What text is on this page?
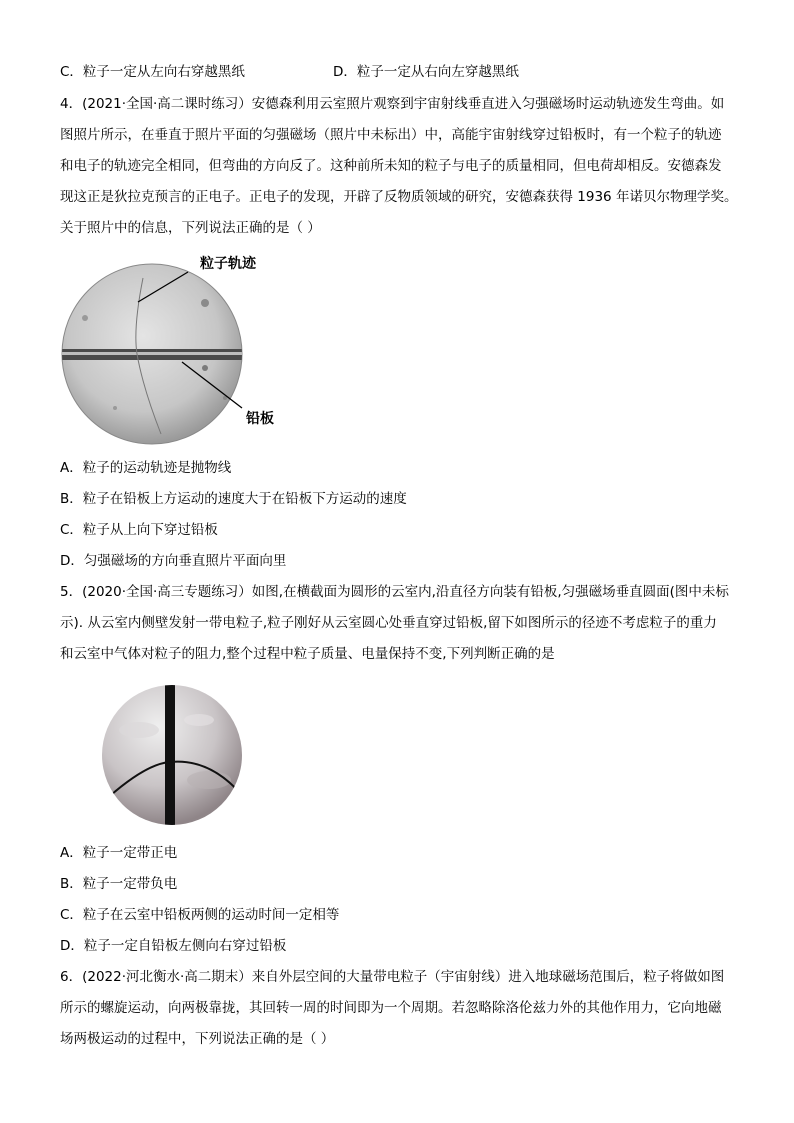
C．粒子一定从左向右穿越黑纸	D．粒子一定从右向左穿越黑纸
4．(2021·全国·高二课时练习）安德森利用云室照片观察到宇宙射线垂直进入匀强磁场时运动轨迹发生弯曲。如
图照片所示，在垂直于照片平面的匀强磁场（照片中未标出）中，高能宇宙射线穿过铅板时，有一个粒子的轨迹
和电子的轨迹完全相同，但弯曲的方向反了。这种前所未知的粒子与电子的质量相同，但电荷却相反。安德森发
现这正是狄拉克预言的正电子。正电子的发现，开辟了反物质领域的研究，安德森获得 1936 年诺贝尔物理学奖。
关于照片中的信息，下列说法正确的是（ ）
粒子轨迹
铅板
A．粒子的运动轨迹是抛物线
B．粒子在铅板上方运动的速度大于在铅板下方运动的速度
C．粒子从上向下穿过铅板
D．匀强磁场的方向垂直照片平面向里
5．(2020·全国·高三专题练习）如图,在横截面为圆形的云室内,沿直径方向装有铅板,匀强磁场垂直圆面(图中未标
示). 从云室内侧壁发射一带电粒子,粒子刚好从云室圆心处垂直穿过铅板,留下如图所示的径迹不考虑粒子的重力
和云室中气体对粒子的阻力,整个过程中粒子质量、电量保持不变,下列判断正确的是
A．粒子一定带正电
B．粒子一定带负电
C．粒子在云室中铅板两侧的运动时间一定相等
D．粒子一定自铅板左侧向右穿过铅板
6．(2022·河北衡水·高二期末）来自外层空间的大量带电粒子（宇宙射线）进入地球磁场范围后，粒子将做如图
所示的螺旋运动，向两极靠拢，其回转一周的时间即为一个周期。若忽略除洛伦兹力外的其他作用力，它向地磁
场两极运动的过程中，下列说法正确的是（ ）
